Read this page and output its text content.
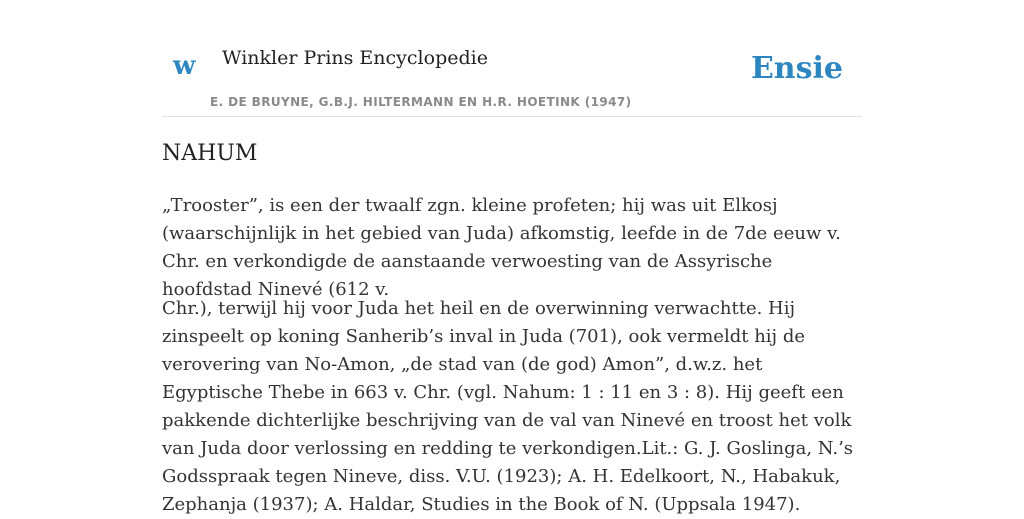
w Winkler Prins Encyclopedie
E. DE BRUYNE, G.B.J. HILTERMANN EN H.R. HOETINK (1947)
Ensie
NAHUM

„Trooster”, is een der twaalf zgn. kleine profeten; hij was uit Elkosj (waarschijnlijk in het gebied van Juda) afkomstig, leefde in de 7de eeuw v. Chr. en verkondigde de aanstaande verwoesting van de Assyrische hoofdstad Ninevé (612 v.

Chr.), terwijl hij voor Juda het heil en de overwinning verwachtte. Hij zinspeelt op koning Sanherib’s inval in Juda (701), ook vermeldt hij de verovering van No-Amon, „de stad van (de god) Amon”, d.w.z. het Egyptische Thebe in 663 v. Chr. (vgl. Nahum: 1 : 11 en 3 : 8). Hij geeft een pakkende dichterlijke beschrijving van de val van Ninevé en troost het volk van Juda door verlossing en redding te verkondigen.Lit.: G. J. Goslinga, N.’s Godsspraak tegen Nineve, diss. V.U. (1923); A. H. Edelkoort, N., Habakuk, Zephanja (1937); A. Haldar, Studies in the Book of N. (Uppsala 1947).
